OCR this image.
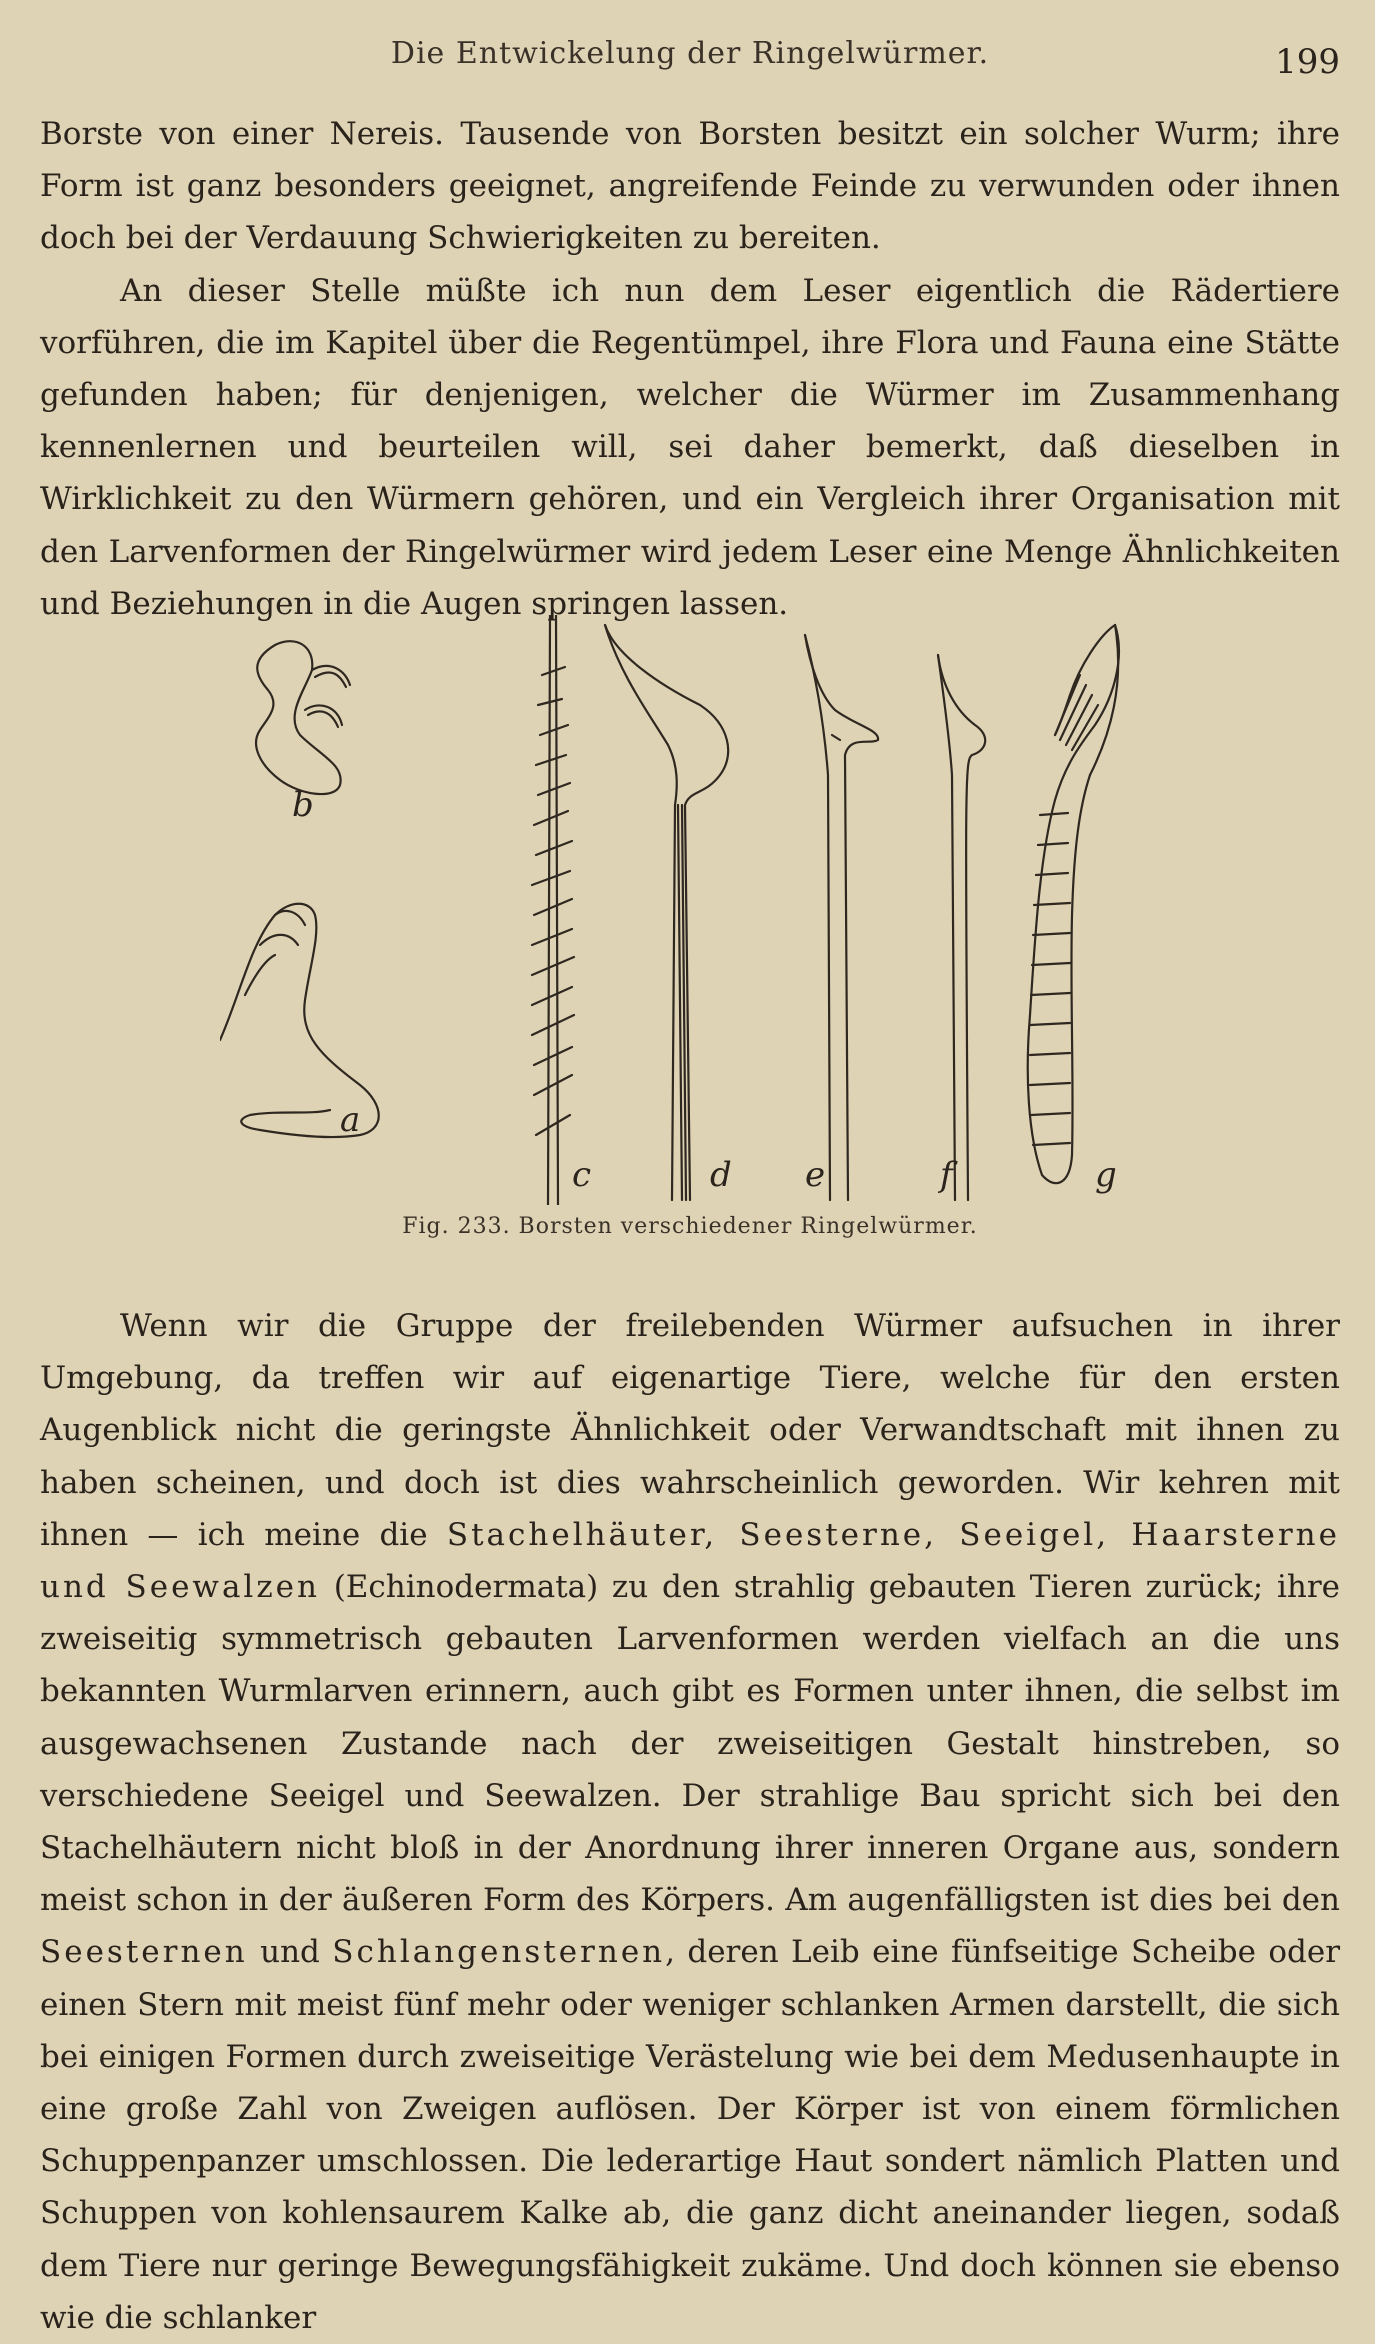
Die Entwickelung der Ringelwürmer.	199

Borste von einer Nereis. Tausende von Borsten besitzt ein solcher Wurm; ihre Form ist ganz besonders geeignet, angreifende Feinde zu verwunden oder ihnen doch bei der Verdauung Schwierigkeiten zu bereiten.

An dieser Stelle müßte ich nun dem Leser eigentlich die Rädertiere vorführen, die im Kapitel über die Regentümpel, ihre Flora und Fauna eine Stätte gefunden haben; für denjenigen, welcher die Würmer im Zusammenhang kennenlernen und beurteilen will, sei daher bemerkt, daß dieselben in Wirklichkeit zu den Würmern gehören, und ein Vergleich ihrer Organisation mit den Larvenformen der Ringelwürmer wird jedem Leser eine Menge Ähnlichkeiten und Beziehungen in die Augen springen lassen.

a
b
c	d e	f	g
Fig. 233. Borsten verschiedener Ringelwürmer.

Wenn wir die Gruppe der freilebenden Würmer aufsuchen in ihrer Umgebung, da treffen wir auf eigenartige Tiere, welche für den ersten Augenblick nicht die geringste Ähnlichkeit oder Verwandtschaft mit ihnen zu haben scheinen, und doch ist dies wahrscheinlich geworden. Wir kehren mit ihnen — ich meine die Stachelhäuter, Seesterne, Seeigel, Haarsterne und Seewalzen (Echinodermata) zu den strahlig gebauten Tieren zurück; ihre zweiseitig symmetrisch gebauten Larvenformen werden vielfach an die uns bekannten Wurmlarven erinnern, auch gibt es Formen unter ihnen, die selbst im ausgewachsenen Zustande nach der zweiseitigen Gestalt hinstreben, so verschiedene Seeigel und Seewalzen. Der strahlige Bau spricht sich bei den Stachelhäutern nicht bloß in der Anordnung ihrer inneren Organe aus, sondern meist schon in der äußeren Form des Körpers. Am augenfälligsten ist dies bei den Seesternen und Schlangensternen, deren Leib eine fünfseitige Scheibe oder einen Stern mit meist fünf mehr oder weniger schlanken Armen darstellt, die sich bei einigen Formen durch zweiseitige Verästelung wie bei dem Medusenhaupte in eine große Zahl von Zweigen auflösen. Der Körper ist von einem förmlichen Schuppenpanzer umschlossen. Die lederartige Haut sondert nämlich Platten und Schuppen von kohlensaurem Kalke ab, die ganz dicht aneinander liegen, sodaß dem Tiere nur geringe Bewegungsfähigkeit zukäme. Und doch können sie ebenso wie die schlanker
